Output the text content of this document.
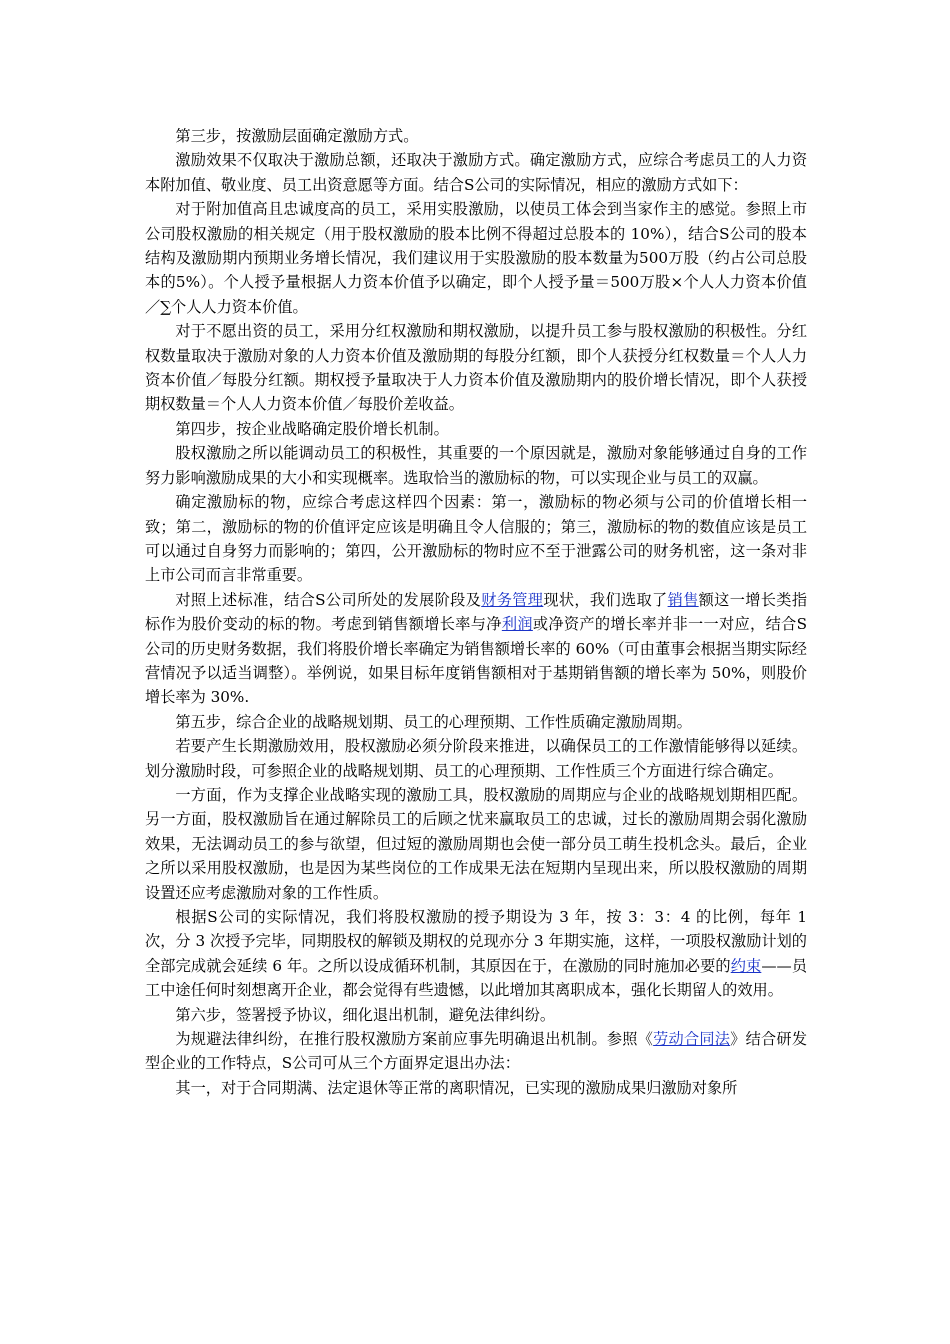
第三步，按激励层面确定激励方式。

激励效果不仅取决于激励总额，还取决于激励方式。确定激励方式，应综合考虑员工的人力资本附加值、敬业度、员工出资意愿等方面。结合S公司的实际情况，相应的激励方式如下：

对于附加值高且忠诚度高的员工，采用实股激励，以使员工体会到当家作主的感觉。参照上市公司股权激励的相关规定（用于股权激励的股本比例不得超过总股本的 10%），结合S公司的股本结构及激励期内预期业务增长情况，我们建议用于实股激励的股本数量为500万股（约占公司总股本的5%）。个人授予量根据人力资本价值予以确定，即个人授予量＝500万股×个人人力资本价值／∑个人人力资本价值。

对于不愿出资的员工，采用分红权激励和期权激励，以提升员工参与股权激励的积极性。分红权数量取决于激励对象的人力资本价值及激励期的每股分红额，即个人获授分红权数量＝个人人力资本价值／每股分红额。期权授予量取决于人力资本价值及激励期内的股价增长情况，即个人获授期权数量＝个人人力资本价值／每股价差收益。

第四步，按企业战略确定股价增长机制。

股权激励之所以能调动员工的积极性，其重要的一个原因就是，激励对象能够通过自身的工作努力影响激励成果的大小和实现概率。选取恰当的激励标的物，可以实现企业与员工的双赢。

确定激励标的物，应综合考虑这样四个因素：第一，激励标的物必须与公司的价值增长相一致；第二，激励标的物的价值评定应该是明确且令人信服的；第三，激励标的物的数值应该是员工可以通过自身努力而影响的；第四，公开激励标的物时应不至于泄露公司的财务机密，这一条对非上市公司而言非常重要。

对照上述标准，结合S公司所处的发展阶段及财务管理现状，我们选取了销售额这一增长类指标作为股价变动的标的物。考虑到销售额增长率与净利润或净资产的增长率并非一一对应，结合S公司的历史财务数据，我们将股价增长率确定为销售额增长率的 60%（可由董事会根据当期实际经营情况予以适当调整）。举例说，如果目标年度销售额相对于基期销售额的增长率为 50%，则股价增长率为 30%.

第五步，综合企业的战略规划期、员工的心理预期、工作性质确定激励周期。

若要产生长期激励效用，股权激励必须分阶段来推进，以确保员工的工作激情能够得以延续。划分激励时段，可参照企业的战略规划期、员工的心理预期、工作性质三个方面进行综合确定。

一方面，作为支撑企业战略实现的激励工具，股权激励的周期应与企业的战略规划期相匹配。另一方面，股权激励旨在通过解除员工的后顾之忧来赢取员工的忠诚，过长的激励周期会弱化激励效果，无法调动员工的参与欲望，但过短的激励周期也会使一部分员工萌生投机念头。最后，企业之所以采用股权激励，也是因为某些岗位的工作成果无法在短期内呈现出来，所以股权激励的周期设置还应考虑激励对象的工作性质。

根据S公司的实际情况，我们将股权激励的授予期设为 3 年，按 3：3：4 的比例，每年 1 次，分 3 次授予完毕，同期股权的解锁及期权的兑现亦分 3 年期实施，这样，一项股权激励计划的全部完成就会延续 6 年。之所以设成循环机制，其原因在于，在激励的同时施加必要的约束——员工中途任何时刻想离开企业，都会觉得有些遗憾，以此增加其离职成本，强化长期留人的效用。

第六步，签署授予协议，细化退出机制，避免法律纠纷。

为规避法律纠纷，在推行股权激励方案前应事先明确退出机制。参照《劳动合同法》结合研发型企业的工作特点，S公司可从三个方面界定退出办法：

其一，对于合同期满、法定退休等正常的离职情况，已实现的激励成果归激励对象所
